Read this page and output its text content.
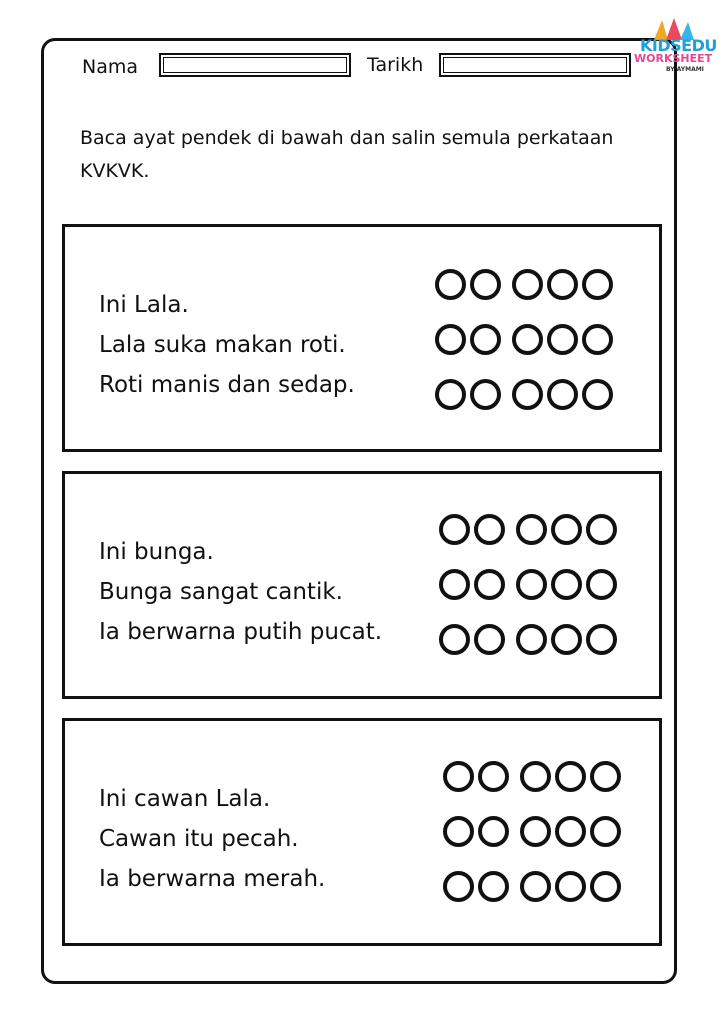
Nama	Tarikh
KIDSEDU
WORKSHEET
BY AYMAMI
Baca ayat pendek di bawah dan salin semula perkataan KVKVK.
Ini Lala.
Lala suka makan roti.
Roti manis dan sedap.
Ini bunga.
Bunga sangat cantik.
Ia berwarna putih pucat.
Ini cawan Lala.
Cawan itu pecah.
Ia berwarna merah.
